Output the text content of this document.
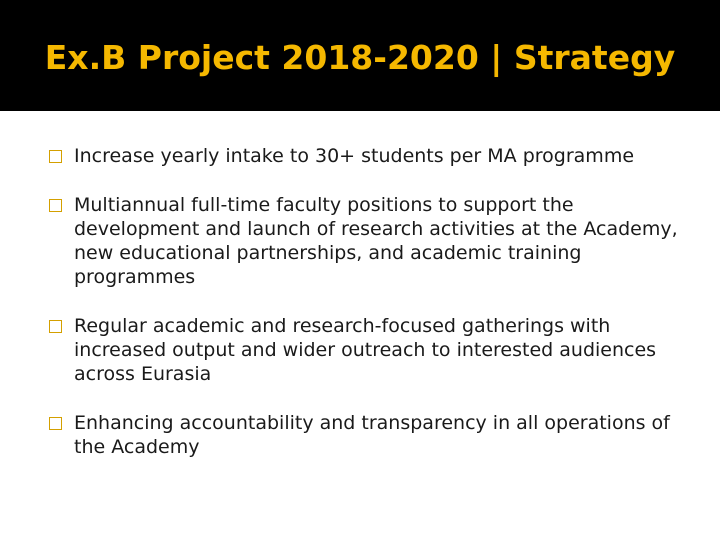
Ex.B Project 2018-2020 | Strategy
Increase yearly intake to 30+ students per MA programme
Multiannual full-time faculty positions to support the development and launch of research activities at the Academy, new educational partnerships, and academic training programmes
Regular academic and research-focused gatherings with increased output and wider outreach to interested audiences across Eurasia
Enhancing accountability and transparency in all operations of the Academy
